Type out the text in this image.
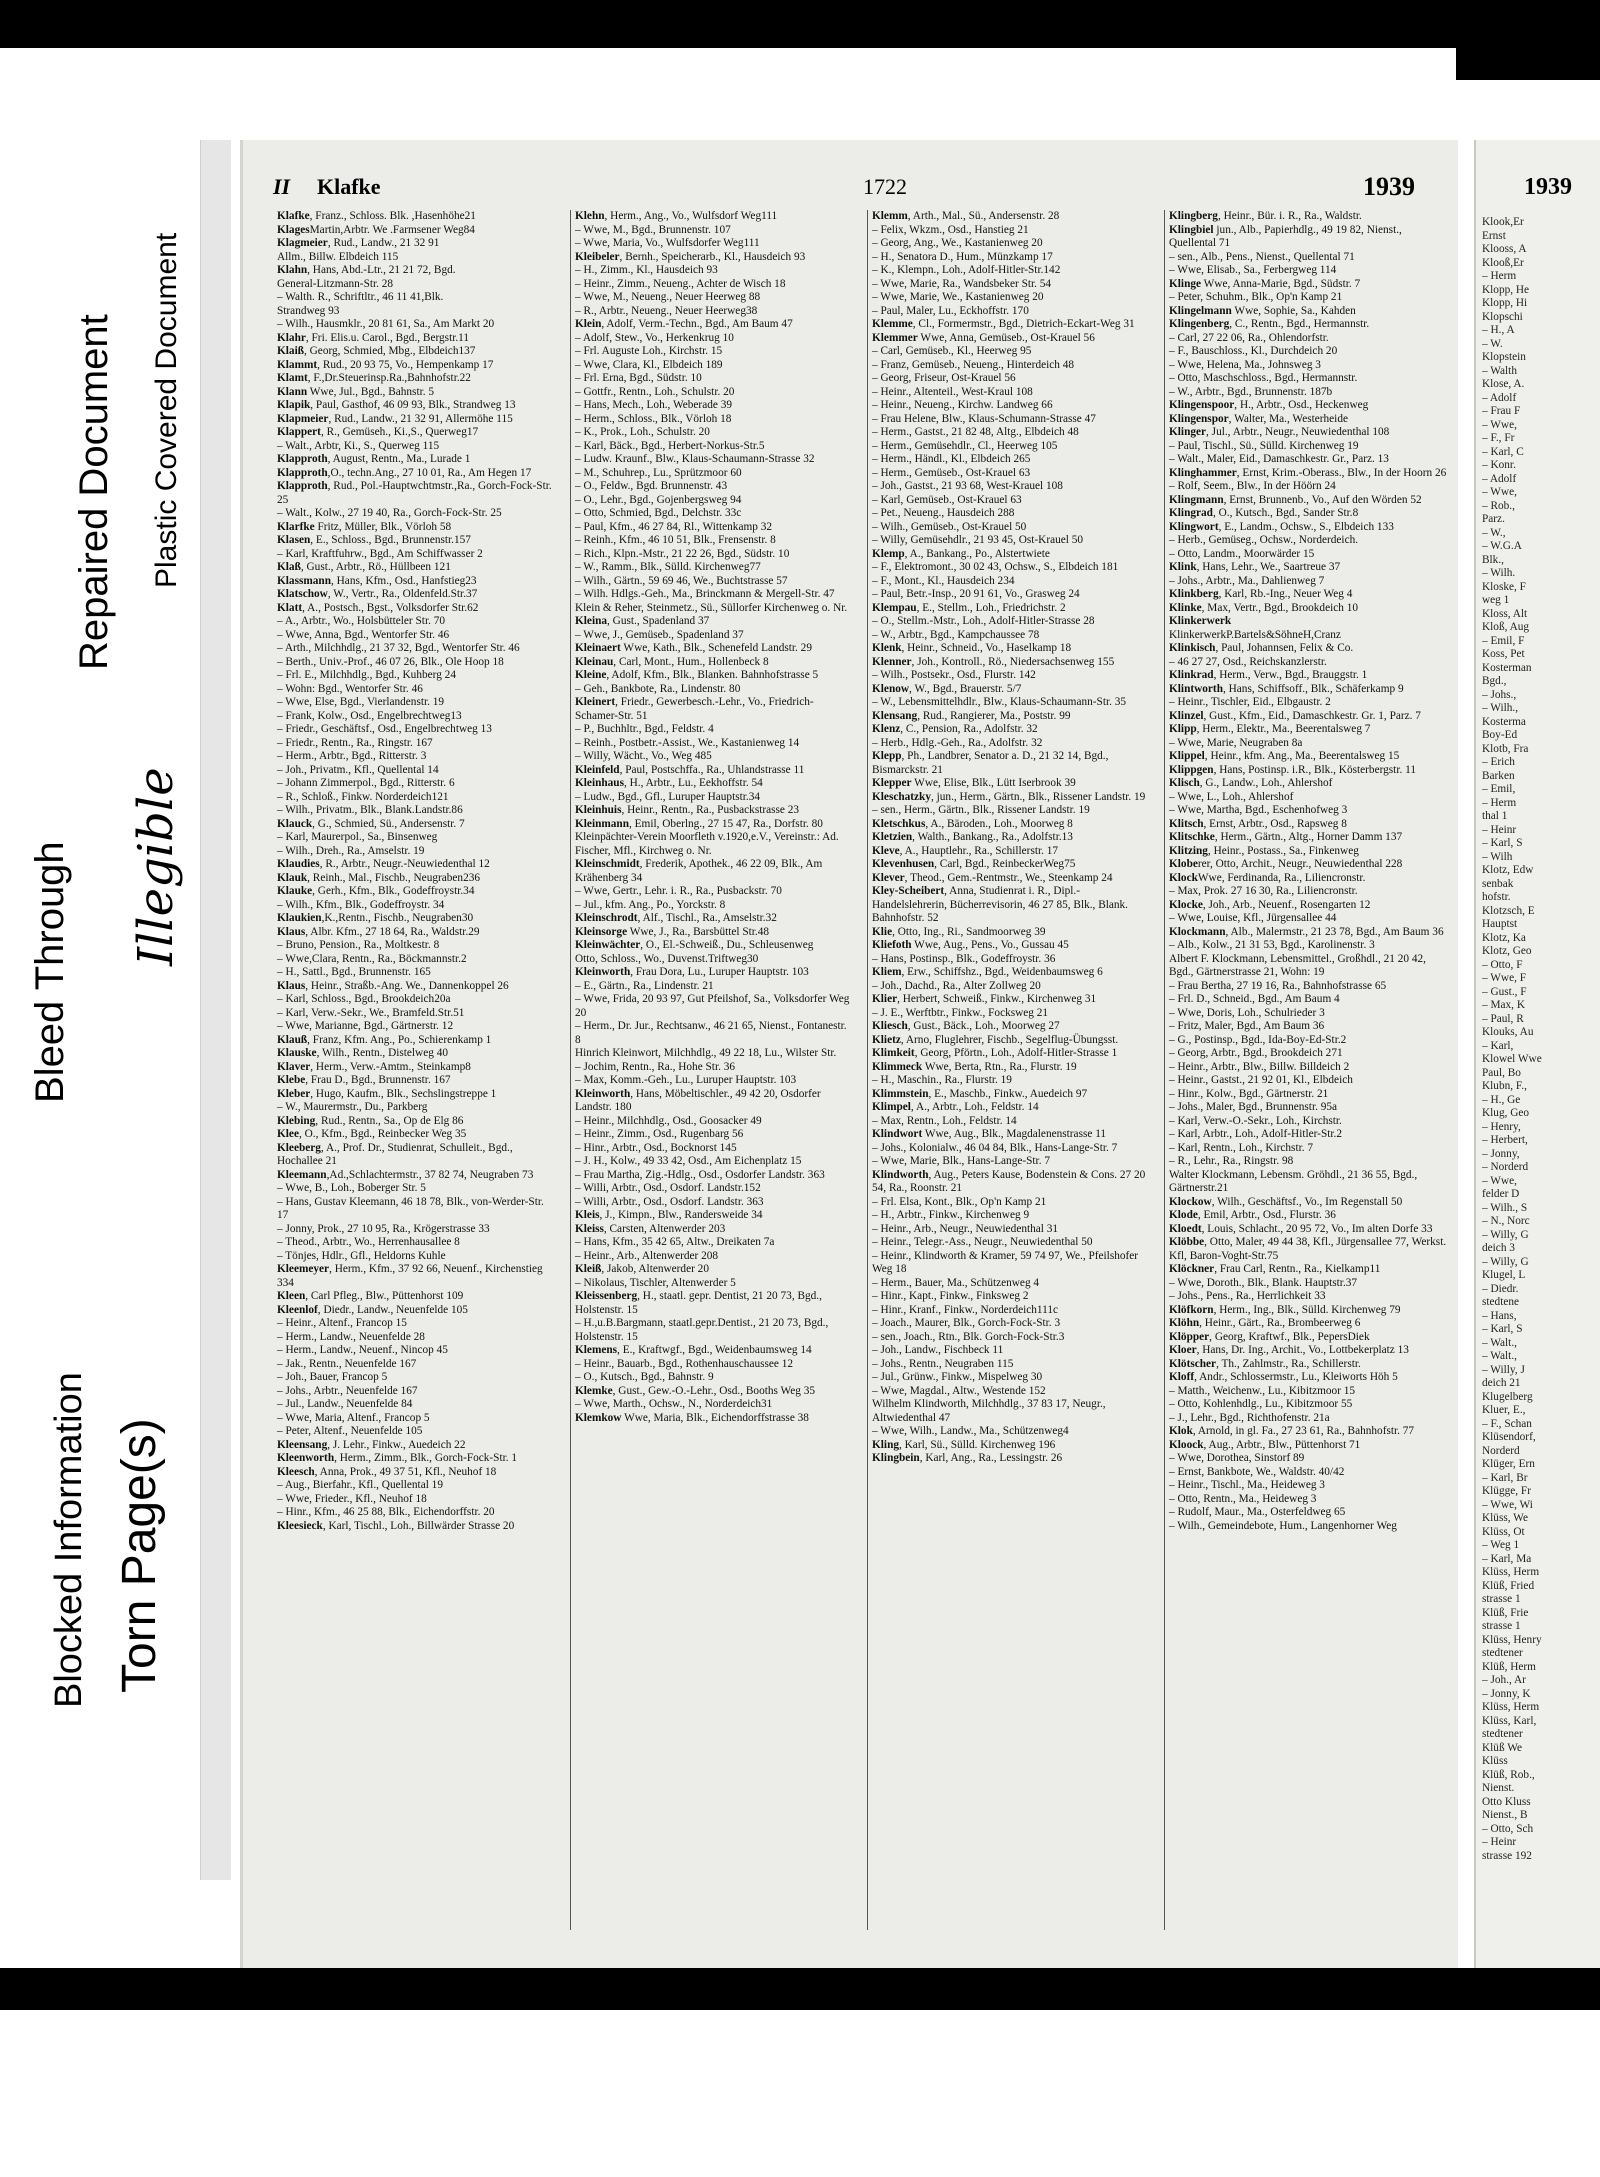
Bleed Through
Repaired Document Plastic Covered Document
Illegible
Blocked Information Torn Page(s)
II Klafke	1722	1939
Klafke, Franz., Schloss. Blk. ,Hasenhöhe21
KlagesMartin,Arbtr. We .Farmsener Weg84
Klagmeier, Rud., Landw., 21 32 91
Allm., Billw. Elbdeich 115
Klahn, Hans, Abd.-Ltr., 21 21 72, Bgd.
General-Litzmann-Str. 28
– Walth. R., Schriftltr., 46 11 41,Blk.
Strandweg 93
– Wilh., Hausmklr., 20 81 61, Sa., Am Markt 20
Klahr, Fri. Elis.u. Carol., Bgd., Bergstr.11
Klaiß, Georg, Schmied, Mbg., Elbdeich137
Klammt, Rud., 20 93 75, Vo., Hempenkamp 17
Klamt, F.,Dr.Steuerinsp.Ra.,Bahnhofstr.22
Klann Wwe, Jul., Bgd., Bahnstr. 5
Klapik, Paul, Gasthof, 46 09 93, Blk., Strandweg 13
Klapmeier, Rud., Landw., 21 32 91, Allermöhe 115
Klappert, R., Gemüseh., Ki.,S., Querweg17
– Walt., Arbtr, Ki., S., Querweg 115
Klapproth, August, Rentn., Ma., Lurade 1
Klapproth,O., techn.Ang., 27 10 01, Ra., Am Hegen 17
Klapproth, Rud., Pol.-Hauptwchtmstr.,Ra., Gorch-Fock-Str. 25
– Walt., Kolw., 27 19 40, Ra., Gorch-Fock-Str. 25
Klarfke Fritz, Müller, Blk., Vörloh 58
Klasen, E., Schloss., Bgd., Brunnenstr.157
– Karl, Kraftfuhrw., Bgd., Am Schiffwasser 2
Klaß, Gust., Arbtr., Rö., Hüllbeen 121
Klassmann, Hans, Kfm., Osd., Hanfstieg23
Klatschow, W., Vertr., Ra., Oldenfeld.Str.37
Klatt, A., Postsch., Bgst., Volksdorfer Str.62
– A., Arbtr., Wo., Holsbütteler Str. 70
– Wwe, Anna, Bgd., Wentorfer Str. 46
– Arth., Milchhdlg., 21 37 32, Bgd., Wentorfer Str. 46
– Berth., Univ.-Prof., 46 07 26, Blk., Ole Hoop 18
– Frl. E., Milchhdlg., Bgd., Kuhberg 24
– Wohn: Bgd., Wentorfer Str. 46
– Wwe, Else, Bgd., Vierlandenstr. 19
– Frank, Kolw., Osd., Engelbrechtweg13
– Friedr., Geschäftsf., Osd., Engelbrechtweg 13
– Friedr., Rentn., Ra., Ringstr. 167
– Herm., Arbtr., Bgd., Ritterstr. 3
– Joh., Privatm., Kfl., Quellental 14
– Johann Zimmerpol., Bgd., Ritterstr. 6
– R., Schloß., Finkw. Norderdeich121
– Wilh., Privatm., Blk., Blank.Landstr.86
Klauck, G., Schmied, Sü., Andersenstr. 7
– Karl, Maurerpol., Sa., Binsenweg
– Wilh., Dreh., Ra., Amselstr. 19
Klaudies, R., Arbtr., Neugr.-Neuwiedenthal 12
Klauk, Reinh., Mal., Fischb., Neugraben236
Klauke, Gerh., Kfm., Blk., Godeffroystr.34
– Wilh., Kfm., Blk., Godeffroystr. 34
Klaukien,K.,Rentn., Fischb., Neugraben30
Klaus, Albr. Kfm., 27 18 64, Ra., Waldstr.29
– Bruno, Pension., Ra., Moltkestr. 8
– Wwe,Clara, Rentn., Ra., Böckmannstr.2
– H., Sattl., Bgd., Brunnenstr. 165
Klaus, Heinr., Straßb.-Ang. We., Dannenkoppel 26
– Karl, Schloss., Bgd., Brookdeich20a
– Karl, Verw.-Sekr., We., Bramfeld.Str.51
– Wwe, Marianne, Bgd., Gärtnerstr. 12
Klauß, Franz, Kfm. Ang., Po., Schierenkamp 1
Klauske, Wilh., Rentn., Distelweg 40
Klaver, Herm., Verw.-Amtm., Steinkamp8
Klebe, Frau D., Bgd., Brunnenstr. 167
Kleber, Hugo, Kaufm., Blk., Sechslingstreppe 1
– W., Maurermstr., Du., Parkberg
Klebing, Rud., Rentn., Sa., Op de Elg 86
Klee, O., Kfm., Bgd., Reinbecker Weg 35
Kleeberg, A., Prof. Dr., Studienrat, Schulleit., Bgd., Hochallee 21
Kleemann,Ad.,Schlachtermstr., 37 82 74, Neugraben 73
– Wwe, B., Loh., Boberger Str. 5
– Hans, Gustav Kleemann, 46 18 78, Blk., von-Werder-Str. 17
– Jonny, Prok., 27 10 95, Ra., Krögerstrasse 33
– Theod., Arbtr., Wo., Herrenhausallee 8
– Tönjes, Hdlr., Gfl., Heldorns Kuhle
Kleemeyer, Herm., Kfm., 37 92 66, Neuenf., Kirchenstieg 334
Kleen, Carl Pfleg., Blw., Püttenhorst 109
Kleenlof, Diedr., Landw., Neuenfelde 105
– Heinr., Altenf., Francop 15
– Herm., Landw., Neuenfelde 28
– Herm., Landw., Neuenf., Nincop 45
– Jak., Rentn., Neuenfelde 167
– Joh., Bauer, Francop 5
– Johs., Arbtr., Neuenfelde 167
– Jul., Landw., Neuenfelde 84
– Wwe, Maria, Altenf., Francop 5
– Peter, Altenf., Neuenfelde 105
Kleensang, J. Lehr., Finkw., Auedeich 22
Kleenworth, Herm., Zimm., Blk., Gorch-Fock-Str. 1
Kleesch, Anna, Prok., 49 37 51, Kfl., Neuhof 18
– Aug., Bierfahr., Kfl., Quellental 19
– Wwe, Frieder., Kfl., Neuhof 18
– Hinr., Kfm., 46 25 88, Blk., Eichendorffstr. 20
Kleesieck, Karl, Tischl., Loh., Billwärder Strasse 20
Klehn, Herm., Ang., Vo., Wulfsdorf Weg111
– Wwe, M., Bgd., Brunnenstr. 107
– Wwe, Maria, Vo., Wulfsdorfer Weg111
Kleibeler, Bernh., Speicherarb., Kl., Hausdeich 93
– H., Zimm., Kl., Hausdeich 93
– Heinr., Zimm., Neueng., Achter de Wisch 18
– Wwe, M., Neueng., Neuer Heerweg 88
– R., Arbtr., Neueng., Neuer Heerweg38
Klein, Adolf, Verm.-Techn., Bgd., Am Baum 47
– Adolf, Stew., Vo., Herkenkrug 10
– Frl. Auguste Loh., Kirchstr. 15
– Wwe, Clara, Kl., Elbdeich 189
– Frl. Erna, Bgd., Südstr. 10
– Gottfr., Rentn., Loh., Schulstr. 20
– Hans, Mech., Loh., Weberade 39
– Herm., Schloss., Blk., Vörloh 18
– K., Prok., Loh., Schulstr. 20
– Karl, Bäck., Bgd., Herbert-Norkus-Str.5
– Ludw. Kraunf., Blw., Klaus-Schaumann-Strasse 32
– M., Schuhrep., Lu., Sprützmoor 60
– O., Feldw., Bgd. Brunnenstr. 43
– O., Lehr., Bgd., Gojenbergsweg 94
– Otto, Schmied, Bgd., Delchstr. 33c
– Paul, Kfm., 46 27 84, Rl., Wittenkamp 32
– Reinh., Kfm., 46 10 51, Blk., Frensenstr. 8
– Rich., Klpn.-Mstr., 21 22 26, Bgd., Südstr. 10
– W., Ramm., Blk., Sülld. Kirchenweg77
– Wilh., Gärtn., 59 69 46, We., Buchtstrasse 57
– Wilh. Hdlgs.-Geh., Ma., Brinckmann & Mergell-Str. 47
Klein & Reher, Steinmetz., Sü., Süllorfer Kirchenweg o. Nr.
Kleina, Gust., Spadenland 37
– Wwe, J., Gemüseb., Spadenland 37
Kleinaert Wwe, Kath., Blk., Schenefeld Landstr. 29
Kleinau, Carl, Mont., Hum., Hollenbeck 8
Kleine, Adolf, Kfm., Blk., Blanken. Bahnhofstrasse 5
– Geh., Bankbote, Ra., Lindenstr. 80
Kleinert, Friedr., Gewerbesch.-Lehr., Vo., Friedrich-Schamer-Str. 51
– P., Buchhltr., Bgd., Feldstr. 4
– Reinh., Postbetr.-Assist., We., Kastanienweg 14
– Willy, Wächt., Vo., Weg 485
Kleinfeld, Paul, Postschffa., Ra., Uhlandstrasse 11
Kleinhaus, H., Arbtr., Lu., Eekhoffstr. 54
– Ludw., Bgd., Gfl., Luruper Hauptstr.34
Kleinhuis, Heinr., Rentn., Ra., Pusbackstrasse 23
Kleinmann, Emil, Oberlng., 27 15 47, Ra., Dorfstr. 80
Kleinpächter-Verein Moorfleth v.1920,e.V., Vereinstr.: Ad. Fischer, Mfl., Kirchweg o. Nr.
Kleinschmidt, Frederik, Apothek., 46 22 09, Blk., Am Krähenberg 34
– Wwe, Gertr., Lehr. i. R., Ra., Pusbackstr. 70
– Jul., kfm. Ang., Po., Yorckstr. 8
Kleinschrodt, Alf., Tischl., Ra., Amselstr.32
Kleinsorge Wwe, J., Ra., Barsbüttel Str.48
Kleinwächter, O., El.-Schweiß., Du., Schleusenweg
Otto, Schloss., Wo., Duvenst.Triftweg30
Kleinworth, Frau Dora, Lu., Luruper Hauptstr. 103
– E., Gärtn., Ra., Lindenstr. 21
– Wwe, Frida, 20 93 97, Gut Pfeilshof, Sa., Volksdorfer Weg 20
– Herm., Dr. Jur., Rechtsanw., 46 21 65, Nienst., Fontanestr. 8
Hinrich Kleinwort, Milchhdlg., 49 22 18, Lu., Wilster Str.
– Jochim, Rentn., Ra., Hohe Str. 36
– Max, Komm.-Geh., Lu., Luruper Hauptstr. 103
Kleinworth, Hans, Möbeltischler., 49 42 20, Osdorfer Landstr. 180
– Heinr., Milchhdlg., Osd., Goosacker 49
– Heinr., Zimm., Osd., Rugenbarg 56
– Hinr., Arbtr., Osd., Bocknorst 145
– J. H., Kolw., 49 33 42, Osd., Am Eichenplatz 15
– Frau Martha, Zig.-Hdlg., Osd., Osdorfer Landstr. 363
– Willi, Arbtr., Osd., Osdorf. Landstr.152
– Willi, Arbtr., Osd., Osdorf. Landstr. 363
Kleis, J., Kimpn., Blw., Randersweide 34
Kleiss, Carsten, Altenwerder 203
– Hans, Kfm., 35 42 65, Altw., Dreikaten 7a
– Heinr., Arb., Altenwerder 208
Kleiß, Jakob, Altenwerder 20
– Nikolaus, Tischler, Altenwerder 5
Kleissenberg, H., staatl. gepr. Dentist, 21 20 73, Bgd., Holstenstr. 15
– H.,u.B.Bargmann, staatl.gepr.Dentist., 21 20 73, Bgd., Holstenstr. 15
Klemens, E., Kraftwgf., Bgd., Weidenbaumsweg 14
– Heinr., Bauarb., Bgd., Rothenhauschaussee 12
– O., Kutsch., Bgd., Bahnstr. 9
Klemke, Gust., Gew.-O.-Lehr., Osd., Booths Weg 35
– Wwe, Marth., Ochsw., N., Norderdeich31
Klemkow Wwe, Maria, Blk., Eichendorffstrasse 38
Klemm, Arth., Mal., Sü., Andersenstr. 28
– Felix, Wkzm., Osd., Hanstieg 21
– Georg, Ang., We., Kastanienweg 20
– H., Senatora D., Hum., Münzkamp 17
– K., Klempn., Loh., Adolf-Hitler-Str.142
– Wwe, Marie, Ra., Wandsbeker Str. 54
– Wwe, Marie, We., Kastanienweg 20
– Paul, Maler, Lu., Eckhoffstr. 170
Klemme, Cl., Formermstr., Bgd., Dietrich-Eckart-Weg 31
Klemmer Wwe, Anna, Gemüseb., Ost-Krauel 56
– Carl, Gemüseb., Kl., Heerweg 95
– Franz, Gemüseb., Neueng., Hinterdeich 48
– Georg, Friseur, Ost-Krauel 56
– Heinr., Altenteil., West-Kraul 108
– Heinr., Neueng., Kirchw. Landweg 66
– Frau Helene, Blw., Klaus-Schumann-Strasse 47
– Herm., Gastst., 21 82 48, Altg., Elbdeich 48
– Herm., Gemüsehdlr., Cl., Heerweg 105
– Herm., Händl., Kl., Elbdeich 265
– Herm., Gemüseb., Ost-Krauel 63
– Joh., Gastst., 21 93 68, West-Krauel 108
– Karl, Gemüseb., Ost-Krauel 63
– Pet., Neueng., Hausdeich 288
– Wilh., Gemüseb., Ost-Krauel 50
– Willy, Gemüsehdlr., 21 93 45, Ost-Krauel 50
Klemp, A., Bankang., Po., Alstertwiete
– F., Elektromont., 30 02 43, Ochsw., S., Elbdeich 181
– F., Mont., Kl., Hausdeich 234
– Paul, Betr.-Insp., 20 91 61, Vo., Grasweg 24
Klempau, E., Stellm., Loh., Friedrichstr. 2
– O., Stellm.-Mstr., Loh., Adolf-Hitler-Strasse 28
– W., Arbtr., Bgd., Kampchaussee 78
Klenk, Heinr., Schneid., Vo., Haselkamp 18
Klenner, Joh., Kontroll., Rö., Niedersachsenweg 155
– Wilh., Postsekr., Osd., Flurstr. 142
Klenow, W., Bgd., Brauerstr. 5/7
– W., Lebensmittelhdlr., Blw., Klaus-Schaumann-Str. 35
Klensang, Rud., Rangierer, Ma., Poststr. 99
Klenz, C., Pension, Ra., Adolfstr. 32
– Herb., Hdlg.-Geh., Ra., Adolfstr. 32
Klepp, Ph., Landbrer, Senator a. D., 21 32 14, Bgd., Bismarckstr. 21
Klepper Wwe, Elise, Blk., Lütt Iserbrook 39
Kleschatzky, jun., Herm., Gärtn., Blk., Rissener Landstr. 19
– sen., Herm., Gärtn., Blk., Rissener Landstr. 19
Kletschkus, A., Bäroden., Loh., Moorweg 8
Kletzien, Walth., Bankang., Ra., Adolfstr.13
Kleve, A., Hauptlehr., Ra., Schillerstr. 17
Klevenhusen, Carl, Bgd., ReinbeckerWeg75
Klever, Theod., Gem.-Rentmstr., We., Steenkamp 24
Kley-Scheibert, Anna, Studienrat i. R., Dipl.-Handelslehrerin, Bücherrevisorin, 46 27 85, Blk., Blank. Bahnhofstr. 52
Klie, Otto, Ing., Ri., Sandmoorweg 39
Kliefoth Wwe, Aug., Pens., Vo., Gussau 45
– Hans, Postinsp., Blk., Godeffroystr. 36
Kliem, Erw., Schiffshz., Bgd., Weidenbaumsweg 6
– Joh., Dachd., Ra., Alter Zollweg 20
Klier, Herbert, Schweiß., Finkw., Kirchenweg 31
– J. E., Werftbtr., Finkw., Focksweg 21
Kliesch, Gust., Bäck., Loh., Moorweg 27
Klietz, Arno, Fluglehrer, Fischb., Segelflug-Übungsst.
Klimkeit, Georg, Pförtn., Loh., Adolf-Hitler-Strasse 1
Klimmeck Wwe, Berta, Rtn., Ra., Flurstr. 19
– H., Maschin., Ra., Flurstr. 19
Klimmstein, E., Maschb., Finkw., Auedeich 97
Klimpel, A., Arbtr., Loh., Feldstr. 14
– Max, Rentn., Loh., Feldstr. 14
Klindwort Wwe, Aug., Blk., Magdalenenstrasse 11
– Johs., Kolonialw., 46 04 84, Blk., Hans-Lange-Str. 7
– Wwe, Marie, Blk., Hans-Lange-Str. 7
Klindworth, Aug., Peters Kause, Bodenstein & Cons. 27 20 54, Ra., Roonstr. 21
– Frl. Elsa, Kont., Blk., Op'n Kamp 21
– H., Arbtr., Finkw., Kirchenweg 9
– Heinr., Arb., Neugr., Neuwiedenthal 31
– Heinr., Telegr.-Ass., Neugr., Neuwiedenthal 50
– Heinr., Klindworth & Kramer, 59 74 97, We., Pfeilshofer Weg 18
– Herm., Bauer, Ma., Schützenweg 4
– Hinr., Kapt., Finkw., Finksweg 2
– Hinr., Kranf., Finkw., Norderdeich111c
– Joach., Maurer, Blk., Gorch-Fock-Str. 3
– sen., Joach., Rtn., Blk. Gorch-Fock-Str.3
– Joh., Landw., Fischbeck 11
– Johs., Rentn., Neugraben 115
– Jul., Grünw., Finkw., Mispelweg 30
– Wwe, Magdal., Altw., Westende 152
Wilhelm Klindworth, Milchhdlg., 37 83 17, Neugr., Altwiedenthal 47
– Wwe, Wilh., Landw., Ma., Schützenweg4
Kling, Karl, Sü., Sülld. Kirchenweg 196
Klingbein, Karl, Ang., Ra., Lessingstr. 26
Klingberg, Heinr., Bür. i. R., Ra., Waldstr.
Klingbiel jun., Alb., Papierhdlg., 49 19 82, Nienst., Quellental 71
– sen., Alb., Pens., Nienst., Quellental 71
– Wwe, Elisab., Sa., Ferbergweg 114
Klinge Wwe, Anna-Marie, Bgd., Südstr. 7
– Peter, Schuhm., Blk., Op'n Kamp 21
Klingelmann Wwe, Sophie, Sa., Kahden
Klingenberg, C., Rentn., Bgd., Hermannstr.
– Carl, 27 22 06, Ra., Ohlendorfstr.
– F., Bauschloss., Kl., Durchdeich 20
– Wwe, Helena, Ma., Johnsweg 3
– Otto, Maschschloss., Bgd., Hermannstr.
– W., Arbtr., Bgd., Brunnenstr. 187b
Klingenspoor, H., Arbtr., Osd., Heckenweg
Klingenspor, Walter, Ma., Westerheide
Klinger, Jul., Arbtr., Neugr., Neuwiedenthal 108
– Paul, Tischl., Sü., Sülld. Kirchenweg 19
– Walt., Maler, Eid., Damaschkestr. Gr., Parz. 13
Klinghammer, Ernst, Krim.-Oberass., Blw., In der Hoorn 26
– Rolf, Seem., Blw., In der Höörn 24
Klingmann, Ernst, Brunnenb., Vo., Auf den Wörden 52
Klingrad, O., Kutsch., Bgd., Sander Str.8
Klingwort, E., Landm., Ochsw., S., Elbdeich 133
– Herb., Gemüseg., Ochsw., Norderdeich.
– Otto, Landm., Moorwärder 15
Klink, Hans, Lehr., We., Saartreue 37
– Johs., Arbtr., Ma., Dahlienweg 7
Klinkberg, Karl, Rb.-Ing., Neuer Weg 4
Klinke, Max, Vertr., Bgd., Brookdeich 10
Klinkerwerk
KlinkerwerkP.Bartels&SöhneH,Cranz
Klinkisch, Paul, Johannsen, Felix & Co.
– 46 27 27, Osd., Reichskanzlerstr.
Klinkrad, Herm., Verw., Bgd., Brauggstr. 1
Klintworth, Hans, Schiffsoff., Blk., Schäferkamp 9
– Heinr., Tischler, Eid., Elbgaustr. 2
Klinzel, Gust., Kfm., Eid., Damaschkestr. Gr. 1, Parz. 7
Klipp, Herm., Elektr., Ma., Beerentalsweg 7
– Wwe, Marie, Neugraben 8a
Klippel, Heinr., kfm. Ang., Ma., Beerentalsweg 15
Klippgen, Hans, Postinsp. i.R., Blk., Kösterbergstr. 11
Klisch, G., Landw., Loh., Ahlershof
– Wwe, L., Loh., Ahlershof
– Wwe, Martha, Bgd., Eschenhofweg 3
Klitsch, Ernst, Arbtr., Osd., Rapsweg 8
Klitschke, Herm., Gärtn., Altg., Horner Damm 137
Klitzing, Heinr., Postass., Sa., Finkenweg
Kloberer, Otto, Archit., Neugr., Neuwiedenthal 228
KlockWwe, Ferdinanda, Ra., Liliencronstr.
– Max, Prok. 27 16 30, Ra., Liliencronstr.
Klocke, Joh., Arb., Neuenf., Rosengarten 12
– Wwe, Louise, Kfl., Jürgensallee 44
Klockmann, Alb., Malermstr., 21 23 78, Bgd., Am Baum 36
– Alb., Kolw., 21 31 53, Bgd., Karolinenstr. 3
Albert F. Klockmann, Lebensmittel., Großhdl., 21 20 42, Bgd., Gärtnerstrasse 21, Wohn: 19
– Frau Bertha, 27 19 16, Ra., Bahnhofstrasse 65
– Frl. D., Schneid., Bgd., Am Baum 4
– Wwe, Doris, Loh., Schulrieder 3
– Fritz, Maler, Bgd., Am Baum 36
– G., Postinsp., Bgd., Ida-Boy-Ed-Str.2
– Georg, Arbtr., Bgd., Brookdeich 271
– Heinr., Arbtr., Blw., Billw. Billdeich 2
– Heinr., Gastst., 21 92 01, Kl., Elbdeich
– Hinr., Kolw., Bgd., Gärtnerstr. 21
– Johs., Maler, Bgd., Brunnenstr. 95a
– Karl, Verw.-O.-Sekr., Loh., Kirchstr.
– Karl, Arbtr., Loh., Adolf-Hitler-Str.2
– Karl, Rentn., Loh., Kirchstr. 7
– R., Lehr., Ra., Ringstr. 98
Walter Klockmann, Lebensm. Gröhdl., 21 36 55, Bgd., Gärtnerstr.21
Klockow, Wilh., Geschäftsf., Vo., Im Regenstall 50
Klode, Emil, Arbtr., Osd., Flurstr. 36
Kloedt, Louis, Schlacht., 20 95 72, Vo., Im alten Dorfe 33
Klöbbe, Otto, Maler, 49 44 38, Kfl., Jürgensallee 77, Werkst. Kfl, Baron-Voght-Str.75
Klöckner, Frau Carl, Rentn., Ra., Kielkamp11
– Wwe, Doroth., Blk., Blank. Hauptstr.37
– Johs., Pens., Ra., Herrlichkeit 33
Klöfkorn, Herm., Ing., Blk., Sülld. Kirchenweg 79
Klöhn, Heinr., Gärt., Ra., Brombeerweg 6
Klöpper, Georg, Kraftwf., Blk., PepersDiek
Kloer, Hans, Dr. Ing., Archit., Vo., Lottbekerplatz 13
Klötscher, Th., Zahlmstr., Ra., Schillerstr.
Kloff, Andr., Schlossermstr., Lu., Kleiworts Höh 5
– Matth., Weichenw., Lu., Kibitzmoor 15
– Otto, Kohlenhdlg., Lu., Kibitzmoor 55
– J., Lehr., Bgd., Richthofenstr. 21a
Klok, Arnold, in gl. Fa., 27 23 61, Ra., Bahnhofstr. 77
Kloock, Aug., Arbtr., Blw., Püttenhorst 71
– Wwe, Dorothea, Sinstorf 89
– Ernst, Bankbote, We., Waldstr. 40/42
– Heinr., Tischl., Ma., Heideweg 3
– Otto, Rentn., Ma., Heideweg 3
– Rudolf, Maur., Ma., Osterfeldweg 65
– Wilh., Gemeindebote, Hum., Langenhorner Weg
1939
Klook,Er
Ernst
Klooss, A
Klooß,Er
– Herm
Klopp, He
Klopp, Hi
Klopschi
– H., A
– W.
Klopstein
– Walth
Klose, A.
– Adolf
– Frau F
– Wwe,
– F., Fr
– Karl, C
– Konr.
– Adolf
– Wwe,
– Rob.,
Parz.
– W.,
– W.G.A
Blk.,
– Wilh.
Kloske, F
weg 1
Kloss, Alt
Kloß, Aug
– Emil, F
Koss, Pet
Kosterman
Bgd.,
– Johs.,
– Wilh.,
Kosterma
Boy-Ed
Klotb, Fra
– Erich
Barken
– Emil,
– Herm
thal 1
– Heinr
– Karl, S
– Wilh
Klotz, Edw
senbak
hofstr.
Klotzsch, E
Hauptst
Klotz, Ka
Klotz, Geo
– Otto, F
– Wwe, F
– Gust., F
– Max, K
– Paul, R
Klouks, Au
– Karl,
Klowel Wwe
Paul, Bo
Klubn, F.,
– H., Ge
Klug, Geo
– Henry,
– Herbert,
– Jonny,
– Norderd
– Wwe,
felder D
– Wilh., S
– N., Norc
– Willy, G
deich 3
– Willy, G
Klugel, L
– Diedr.
stedtene
– Hans,
– Karl, S
– Walt.,
– Walt.,
– Willy, J
deich 21
Klugelberg
Kluer, E.,
– F., Schan
Klüsendorf,
Norderd
Klüger, Ern
– Karl, Br
Klügge, Fr
– Wwe, Wi
Klüss, We
Klüss, Ot
– Weg 1
– Karl, Ma
Klüss, Herm
Klüß, Fried
strasse 1
Klüß, Frie
strasse 1
Klüss, Henry
stedtener
Klüß, Herm
– Joh., Ar
– Jonny, K
Klüss, Herm
Klüss, Karl,
stedtener
Klüß We
Klüss
Klüß, Rob.,
Nienst.
Otto Kluss
Nienst., B
– Otto, Sch
– Heinr
strasse 192
